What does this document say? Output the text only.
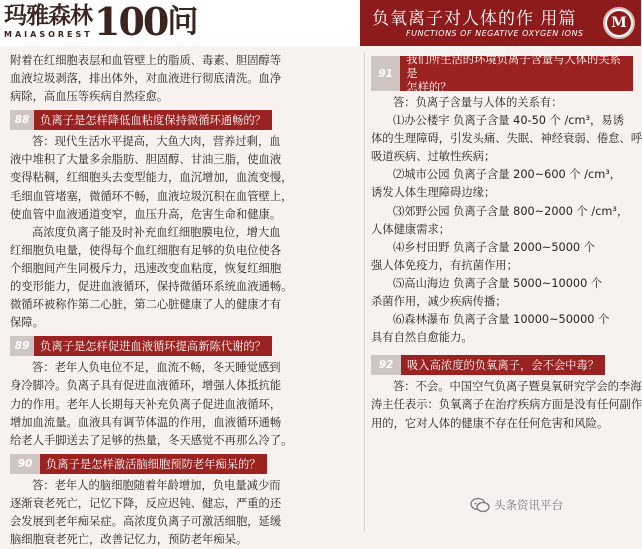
玛雅森林
MAIASOREST 100 问	负氧离子对人体的作 用篇
FUNCTIONS OF NEGATIVE OXYGEN IONS
M
附着在红细胞表层和血管壁上的脂质、毒素、胆固醇等
血液垃圾剥落，排出体外，对血液进行彻底清洗。血净
病除，高血压等疾病自然痊愈。
88 负离子是怎样降低血粘度保持微循环通畅的？
答：现代生活水平提高，大鱼大肉，营养过剩，血
液中堆积了大量多余脂肪、胆固醇、甘油三脂，使血液
变得粘稠，红细胞头去变型能力，血沉增加，血流变慢，
毛细血管堵塞，微循环不畅，血液垃圾沉积在血管壁上，
使血管中血液通道变窄，血压升高，危害生命和健康。
高浓度负离子能及时补充血红细胞膜电位，增大血
红细胞负电量，使得每个血红细胞有足够的负电位使各
个细胞间产生同极斥力，迅速改变血粘度，恢复红细胞
的变形能力，促进血液循环，保持微循环系统血液通畅。
微循环被称作第二心脏，第二心脏健康了人的健康才有
保障。
89 负离子是怎样促进血液循环提高新陈代谢的？
答：老年人负电位不足，血流不畅，冬天睡觉感到
身冷脚冷。负离子具有促进血液循环，增强人体抵抗能
力的作用。老年人长期每天补充负离子促进血液循环，
增加血流量。血液具有调节体温的作用，血液循环通畅
给老人手脚送去了足够的热量，冬天感觉不再那么冷了。
90	负离子是怎样激活脑细胞预防老年痴呆的？
答：老年人的脑细胞随着年龄增加，负电量减少而
逐渐衰老死亡，记忆下降，反应迟钝、健忘，严重的还
会发展到老年痴呆症。高浓度负离子可激活细胞，延缓
脑细胞衰老死亡，改善记忆力，预防老年痴呆。
91
我们所生活的环境负离子含量与人体的关系是
怎样的？
答：负离子含量与人体的关系有：
⑴办公楼宇 负离子含量 40-50 个 /cm³，易诱
体的生理障碍，引发头痛、失眠、神经衰弱、倦怠、呼
吸道疾病、过敏性疾病；
⑵城市公园 负离子含量 200~600 个 /cm³，
诱发人体生理障碍边缘；
⑶郊野公园 负离子含量 800~2000 个 /cm³，
人体健康需求；
⑷乡村田野 负离子含量 2000~5000 个
强人体免疫力，有抗菌作用；
⑸高山海边 负离子含量 5000~10000 个
杀菌作用，减少疾病传播；
⑹森林瀑布 负离子含量 10000~50000 个
具有自然自愈能力。
92	吸入高浓度的负氧离子，会不会中毒？
答：不会。中国空气负离子暨臭氧研究学会的李海
涛主任表示：负氧离子在治疗疾病方面是没有任何副作
用的，它对人体的健康不存在任何危害和风险。
头条资讯平台
